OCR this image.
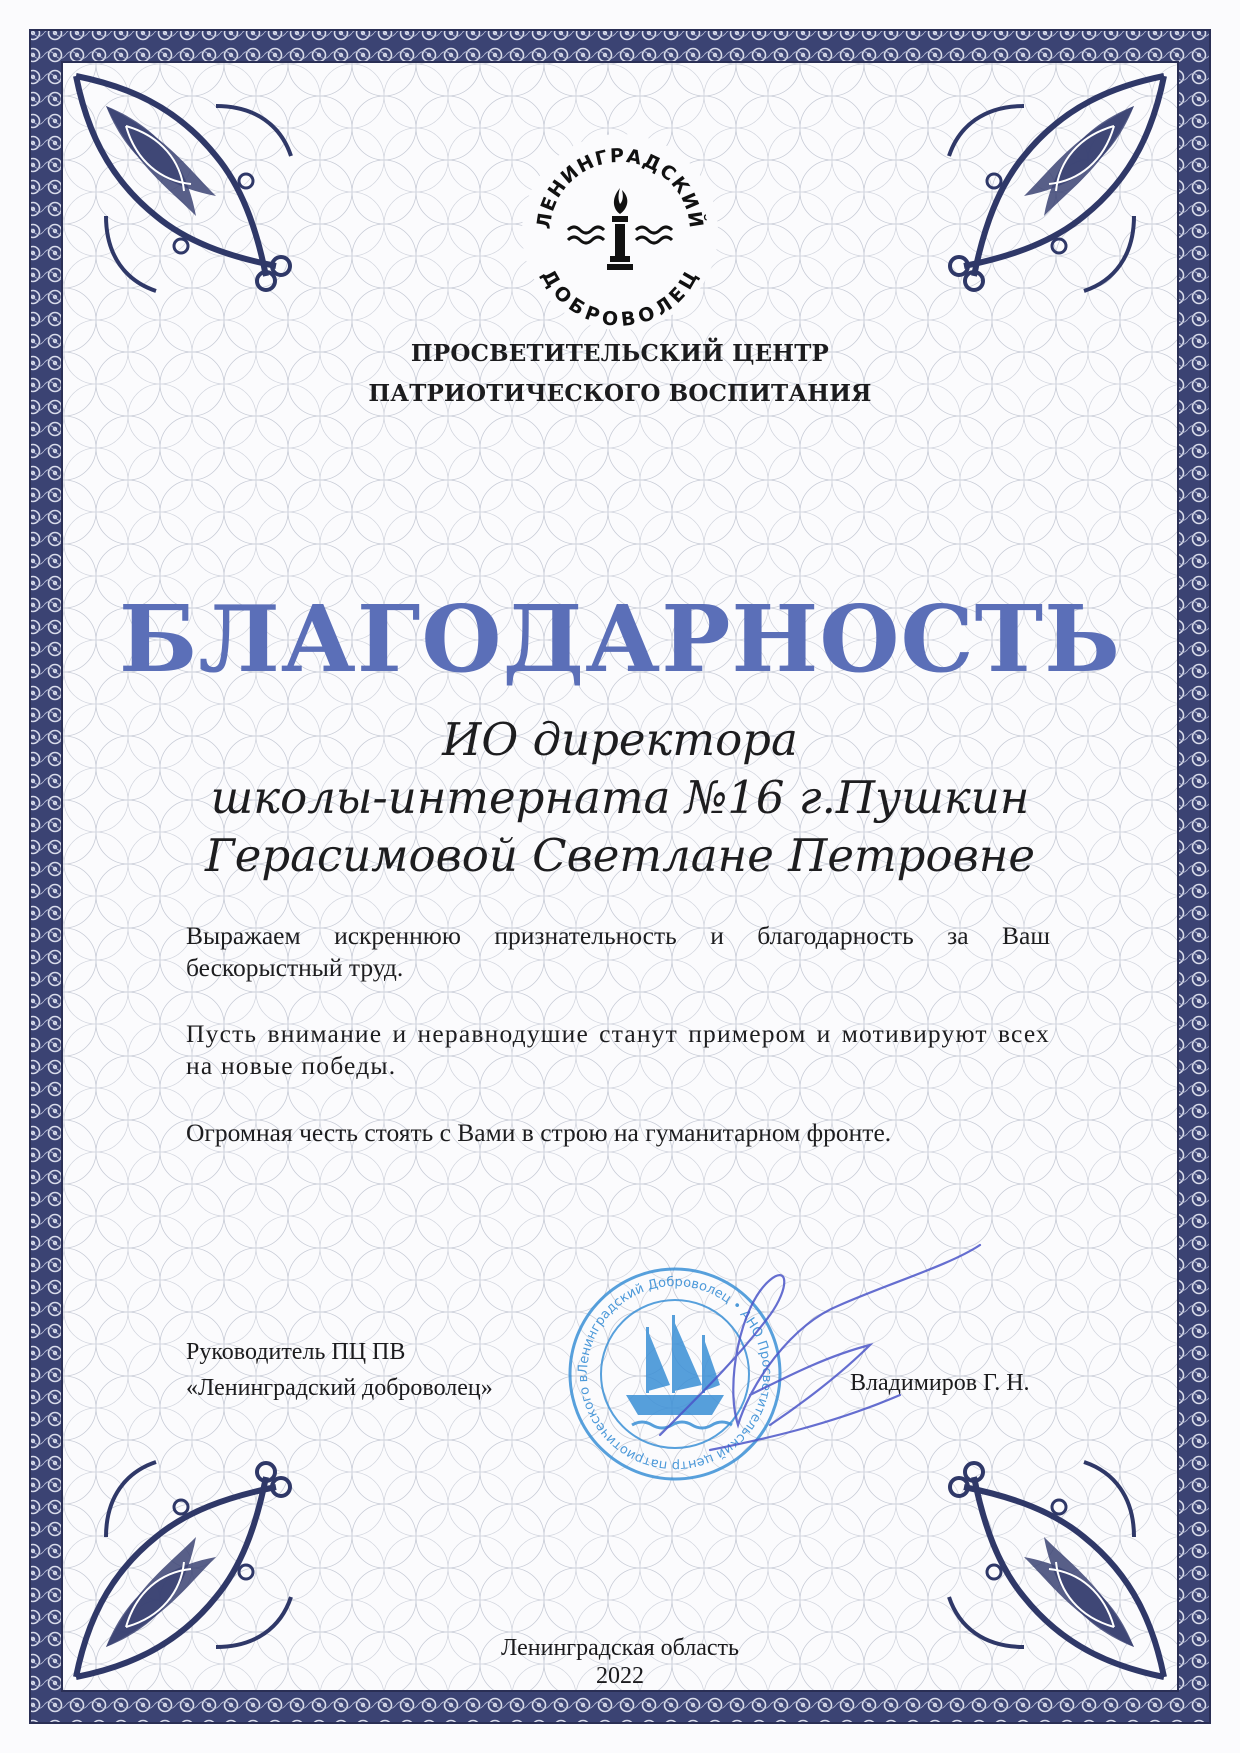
ЛЕНИНГРАДСКИЙ
ДОБРОВОЛЕЦ
ПРОСВЕТИТЕЛЬСКИЙ ЦЕНТР
ПАТРИОТИЧЕСКОГО ВОСПИТАНИЯ
БЛАГОДАРНОСТЬ
ИО директора
школы-интерната №16 г.Пушкин
Герасимовой Светлане Петровне
Выражаем искреннюю признательность и благодарность за Ваш бескорыстный труд.
Пусть внимание и неравнодушие станут примером и мотивируют всех на новые победы.
Огромная честь стоять с Вами в строю на гуманитарном фронте.
Руководитель ПЦ ПВ
«Ленинградский доброволец»	Владимиров Г. Н.
Ленинградский Доброволец • АНО Просветительский центр патриотического в
Ленинградская область
2022
